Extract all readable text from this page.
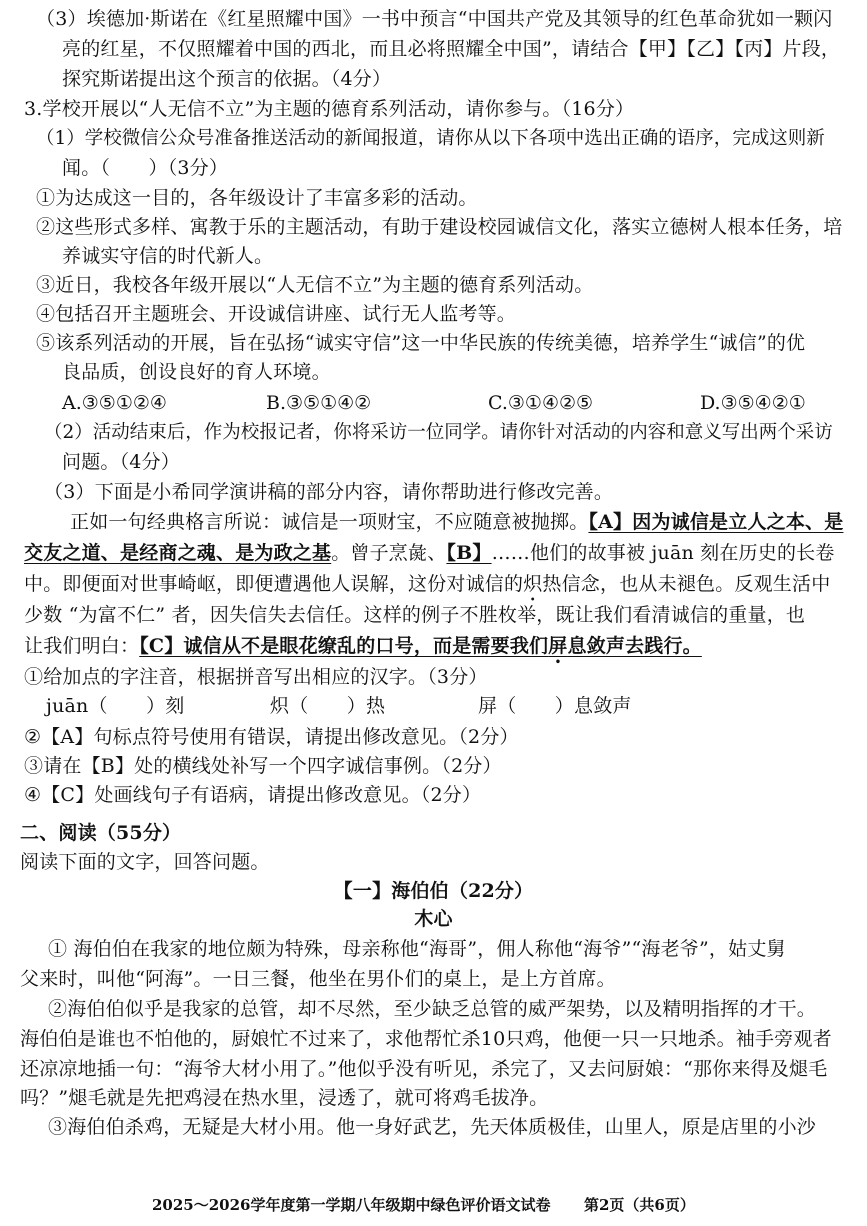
（3）埃德加·斯诺在《红星照耀中国》一书中预言“中国共产党及其领导的红色革命犹如一颗闪
亮的红星，不仅照耀着中国的西北，而且必将照耀全中国”，请结合【甲】【乙】【丙】片段，
探究斯诺提出这个预言的依据。（4分）
3.学校开展以“人无信不立”为主题的德育系列活动，请你参与。（16分）
（1）学校微信公众号准备推送活动的新闻报道，请你从以下各项中选出正确的语序，完成这则新
闻。（　　）（3分）
①为达成这一目的，各年级设计了丰富多彩的活动。
②这些形式多样、寓教于乐的主题活动，有助于建设校园诚信文化，落实立德树人根本任务，培
养诚实守信的时代新人。
③近日，我校各年级开展以“人无信不立”为主题的德育系列活动。
④包括召开主题班会、开设诚信讲座、试行无人监考等。
⑤该系列活动的开展，旨在弘扬“诚实守信”这一中华民族的传统美德，培养学生“诚信”的优
良品质，创设良好的育人环境。
A.③⑤①②④	B.③⑤①④②	C.③①④②⑤	D.③⑤④②①
（2）活动结束后，作为校报记者，你将采访一位同学。请你针对活动的内容和意义写出两个采访
问题。（4分）
（3）下面是小希同学演讲稿的部分内容，请你帮助进行修改完善。
正如一句经典格言所说：诚信是一项财宝，不应随意被抛掷。【A】因为诚信是立人之本、是
交友之道、是经商之魂、是为政之基。曾子烹彘、【B】……他们的故事被 juān 刻在历史的长卷
中。即便面对世事崎岖，即便遭遇他人误解，这份对诚信的炽热信念，也从未褪色。反观生活中
少数 “为富不仁” 者，因失信失去信任。这样的例子不胜枚举，既让我们看清诚信的重量，也
让我们明白：【C】诚信从不是眼花缭乱的口号，而是需要我们屏息敛声去践行。
①给加点的字注音，根据拼音写出相应的汉字。（3分）
juān（　　）刻	炽（　　）热	屏（　　）息敛声
②【A】句标点符号使用有错误，请提出修改意见。（2分）
③请在【B】处的横线处补写一个四字诚信事例。（2分）
④【C】处画线句子有语病，请提出修改意见。（2分）
二、阅读（55分）
阅读下面的文字，回答问题。
【一】海伯伯（22分）
木心
① 海伯伯在我家的地位颇为特殊，母亲称他“海哥”，佣人称他“海爷”“海老爷”，姑丈舅
父来时，叫他“阿海”。一日三餐，他坐在男仆们的桌上，是上方首席。
②海伯伯似乎是我家的总管，却不尽然，至少缺乏总管的威严架势，以及精明指挥的才干。
海伯伯是谁也不怕他的，厨娘忙不过来了，求他帮忙杀10只鸡，他便一只一只地杀。袖手旁观者
还凉凉地插一句：“海爷大材小用了。”他似乎没有听见，杀完了，又去问厨娘：“那你来得及煺毛
吗？”煺毛就是先把鸡浸在热水里，浸透了，就可将鸡毛拔净。
③海伯伯杀鸡，无疑是大材小用。他一身好武艺，先天体质极佳，山里人，原是店里的小沙
2025～2026学年度第一学期八年级期中绿色评价语文试卷 第2页（共6页）
